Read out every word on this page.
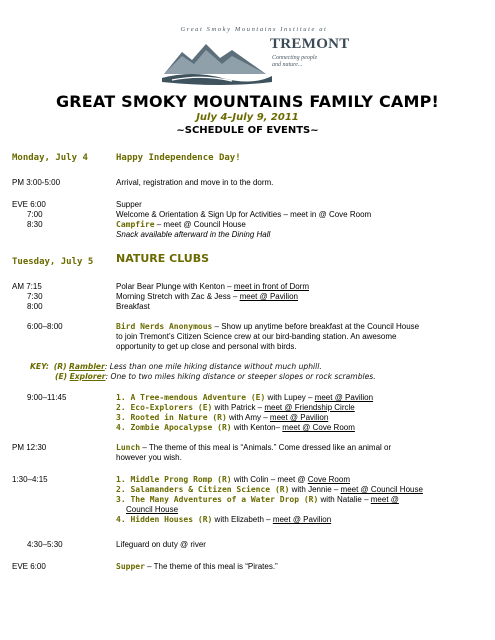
Great Smoky Mountains Institute at
TREMONT
Connecting people
and nature...
GREAT SMOKY MOUNTAINS FAMILY CAMP!
July 4–July 9, 2011
~SCHEDULE OF EVENTS~
Monday, July 4	Happy Independence Day!
PM 3:00-5:00	Arrival, registration and move in to the dorm.
EVE 6:00	Supper
7:00	Welcome & Orientation & Sign Up for Activities – meet in @ Cove Room
8:30	Campfire – meet @ Council House
Snack available afterward in the Dining Hall
Tuesday, July 5 NATURE CLUBS
AM 7:15	Polar Bear Plunge with Kenton – meet in front of Dorm
7:30	Morning Stretch with Zac & Jess – meet @ Pavilion
8:00	Breakfast
6:00–8:00	Bird Nerds Anonymous – Show up anytime before breakfast at the Council House
to join Tremont’s Citizen Science crew at our bird-banding station. An awesome
opportunity to get up close and personal with birds.
KEY: (R) Rambler: Less than one mile hiking distance without much uphill.
(E) Explorer: One to two miles hiking distance or steeper slopes or rock scrambles.
9:00–11:45	1. A Tree-mendous Adventure (E) with Lupey – meet @ Pavilion
2. Eco-Explorers (E) with Patrick – meet @ Friendship Circle
3. Rooted in Nature (R) with Amy – meet @ Pavilion
4. Zombie Apocalypse (R) with Kenton– meet @ Cove Room
PM 12:30	Lunch – The theme of this meal is “Animals.” Come dressed like an animal or
however you wish.
1:30–4:15	1. Middle Prong Romp (R) with Colin – meet @ Cove Room
2. Salamanders & Citizen Science (R) with Jennie – meet @ Council House
3. The Many Adventures of a Water Drop (R) with Natalie – meet @
Council House
4. Hidden Houses (R) with Elizabeth – meet @ Pavilion
4:30–5:30	Lifeguard on duty @ river
EVE 6:00	Supper – The theme of this meal is “Pirates.”
